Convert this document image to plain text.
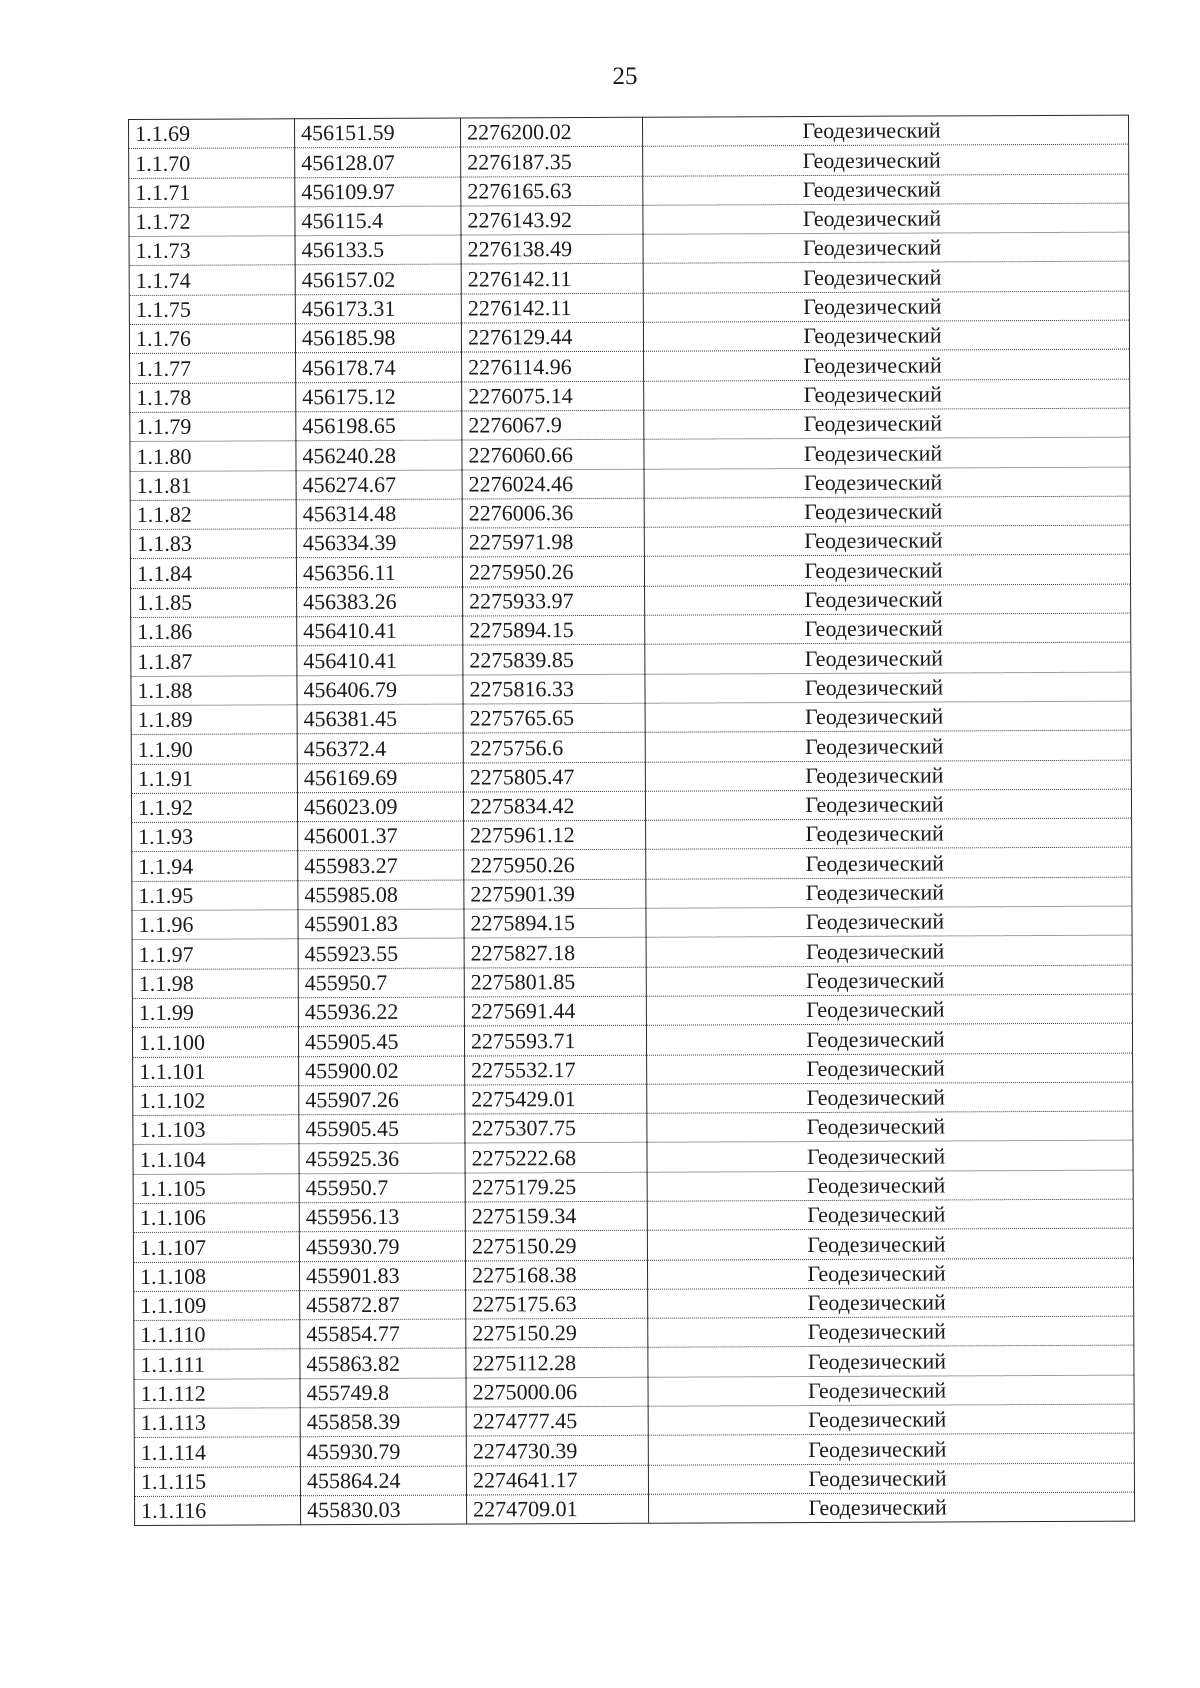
25
1.1.69	456151.59	2276200.02	Геодезический
1.1.70	456128.07	2276187.35	Геодезический
1.1.71	456109.97	2276165.63	Геодезический
1.1.72	456115.4	2276143.92	Геодезический
1.1.73	456133.5	2276138.49	Геодезический
1.1.74	456157.02	2276142.11	Геодезический
1.1.75	456173.31	2276142.11	Геодезический
1.1.76	456185.98	2276129.44	Геодезический
1.1.77	456178.74	2276114.96	Геодезический
1.1.78	456175.12	2276075.14	Геодезический
1.1.79	456198.65	2276067.9	Геодезический
1.1.80	456240.28	2276060.66	Геодезический
1.1.81	456274.67	2276024.46	Геодезический
1.1.82	456314.48	2276006.36	Геодезический
1.1.83	456334.39	2275971.98	Геодезический
1.1.84	456356.11	2275950.26	Геодезический
1.1.85	456383.26	2275933.97	Геодезический
1.1.86	456410.41	2275894.15	Геодезический
1.1.87	456410.41	2275839.85	Геодезический
1.1.88	456406.79	2275816.33	Геодезический
1.1.89	456381.45	2275765.65	Геодезический
1.1.90	456372.4	2275756.6	Геодезический
1.1.91	456169.69	2275805.47	Геодезический
1.1.92	456023.09	2275834.42	Геодезический
1.1.93	456001.37	2275961.12	Геодезический
1.1.94	455983.27	2275950.26	Геодезический
1.1.95	455985.08	2275901.39	Геодезический
1.1.96	455901.83	2275894.15	Геодезический
1.1.97	455923.55	2275827.18	Геодезический
1.1.98	455950.7	2275801.85	Геодезический
1.1.99	455936.22	2275691.44	Геодезический
1.1.100	455905.45	2275593.71	Геодезический
1.1.101	455900.02	2275532.17	Геодезический
1.1.102	455907.26	2275429.01	Геодезический
1.1.103	455905.45	2275307.75	Геодезический
1.1.104	455925.36	2275222.68	Геодезический
1.1.105	455950.7	2275179.25	Геодезический
1.1.106	455956.13	2275159.34	Геодезический
1.1.107	455930.79	2275150.29	Геодезический
1.1.108	455901.83	2275168.38	Геодезический
1.1.109	455872.87	2275175.63	Геодезический
1.1.110	455854.77	2275150.29	Геодезический
1.1.111	455863.82	2275112.28	Геодезический
1.1.112	455749.8	2275000.06	Геодезический
1.1.113	455858.39	2274777.45	Геодезический
1.1.114	455930.79	2274730.39	Геодезический
1.1.115	455864.24	2274641.17	Геодезический
1.1.116	455830.03	2274709.01	Геодезический
